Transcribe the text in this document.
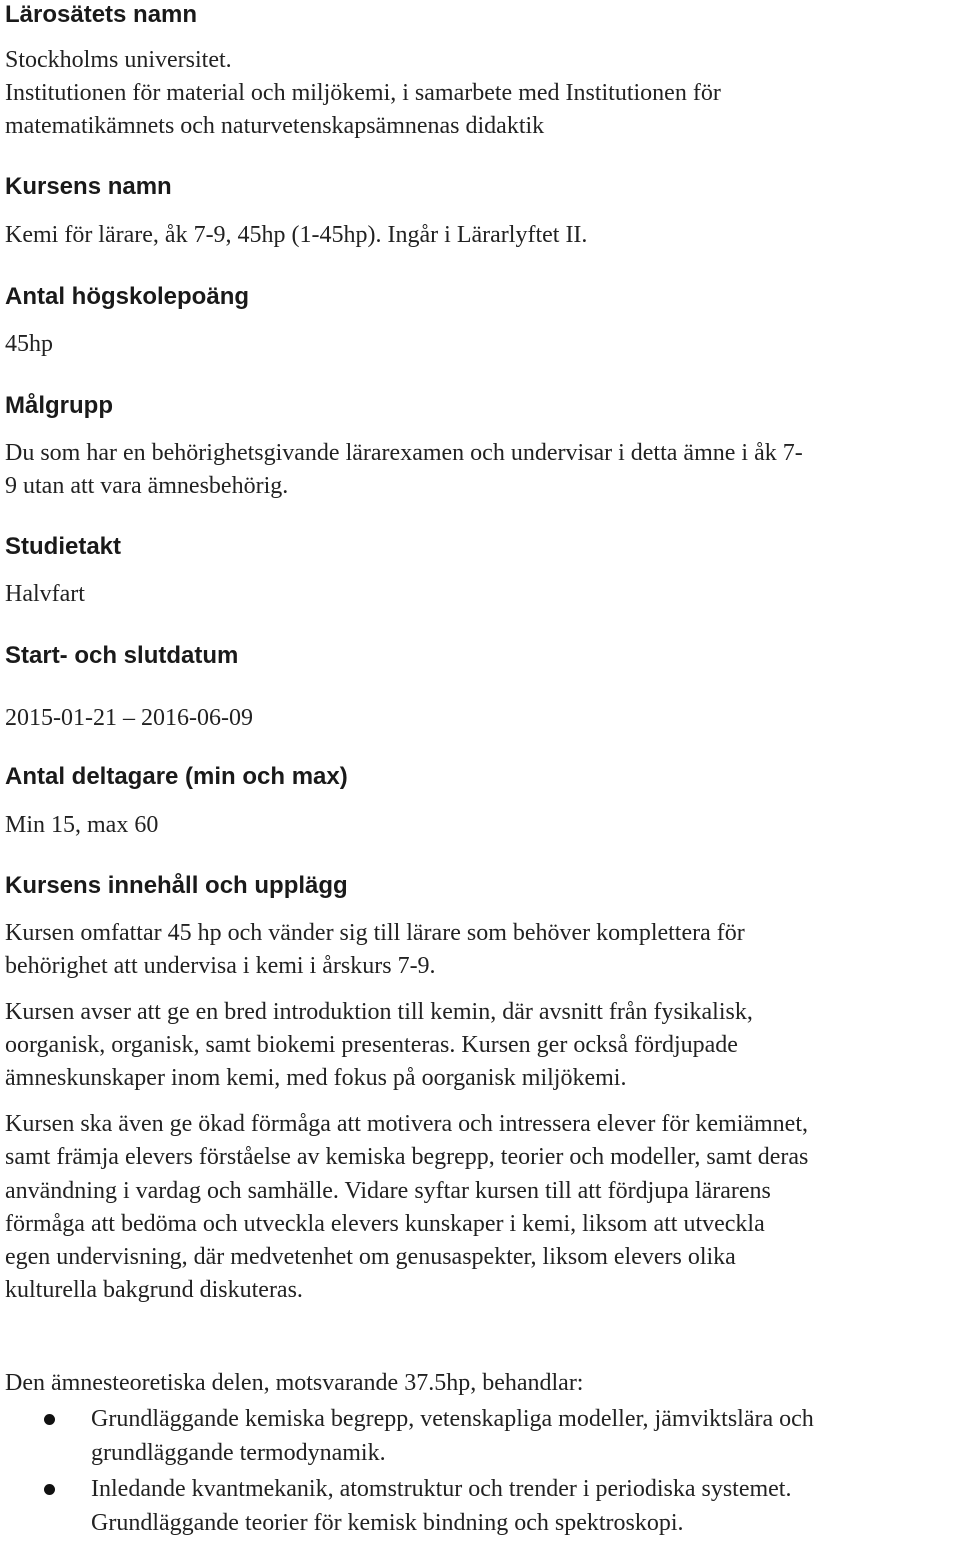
Lärosätets namn

Stockholms universitet.

Institutionen för material och miljökemi, i samarbete med Institutionen för

matematikämnets och naturvetenskapsämnenas didaktik

Kursens namn

Kemi för lärare, åk 7-9, 45hp (1-45hp). Ingår i Lärarlyftet II.

Antal högskolepoäng

45hp

Målgrupp

Du som har en behörighetsgivande lärarexamen och undervisar i detta ämne i åk 7-

9 utan att vara ämnesbehörig.

Studietakt

Halvfart

Start- och slutdatum

2015-01-21 – 2016-06-09

Antal deltagare (min och max)

Min 15, max 60

Kursens innehåll och upplägg

Kursen omfattar 45 hp och vänder sig till lärare som behöver komplettera för

behörighet att undervisa i kemi i årskurs 7-9.

Kursen avser att ge en bred introduktion till kemin, där avsnitt från fysikalisk,

oorganisk, organisk, samt biokemi presenteras. Kursen ger också fördjupade

ämneskunskaper inom kemi, med fokus på oorganisk miljökemi.

Kursen ska även ge ökad förmåga att motivera och intressera elever för kemiämnet,

samt främja elevers förståelse av kemiska begrepp, teorier och modeller, samt deras

användning i vardag och samhälle. Vidare syftar kursen till att fördjupa lärarens

förmåga att bedöma och utveckla elevers kunskaper i kemi, liksom att utveckla

egen undervisning, där medvetenhet om genusaspekter, liksom elevers olika

kulturella bakgrund diskuteras.

Den ämnesteoretiska delen, motsvarande 37.5hp, behandlar:

Grundläggande kemiska begrepp, vetenskapliga modeller, jämviktslära och
grundläggande termodynamik.
Inledande kvantmekanik, atomstruktur och trender i periodiska systemet.
Grundläggande teorier för kemisk bindning och spektroskopi.
